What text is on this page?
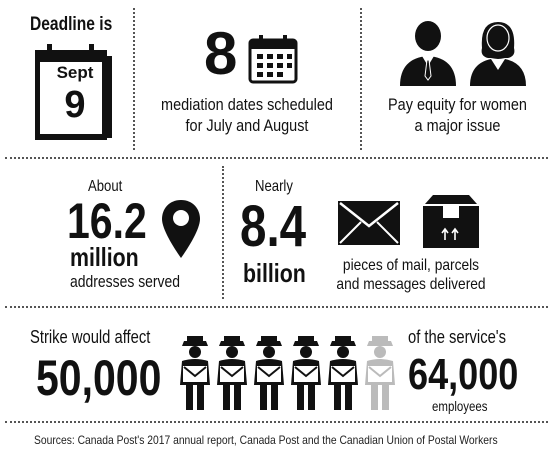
Deadline is
Sept
9
8
mediation dates scheduled
for July and August
Pay equity for women
a major issue
About
16.2
million
addresses served
Nearly
8.4
billion	pieces of mail, parcels
and messages delivered
Strike would affect
50,000
of the service's
64,000
employees
Sources: Canada Post's 2017 annual report, Canada Post and the Canadian Union of Postal Workers
